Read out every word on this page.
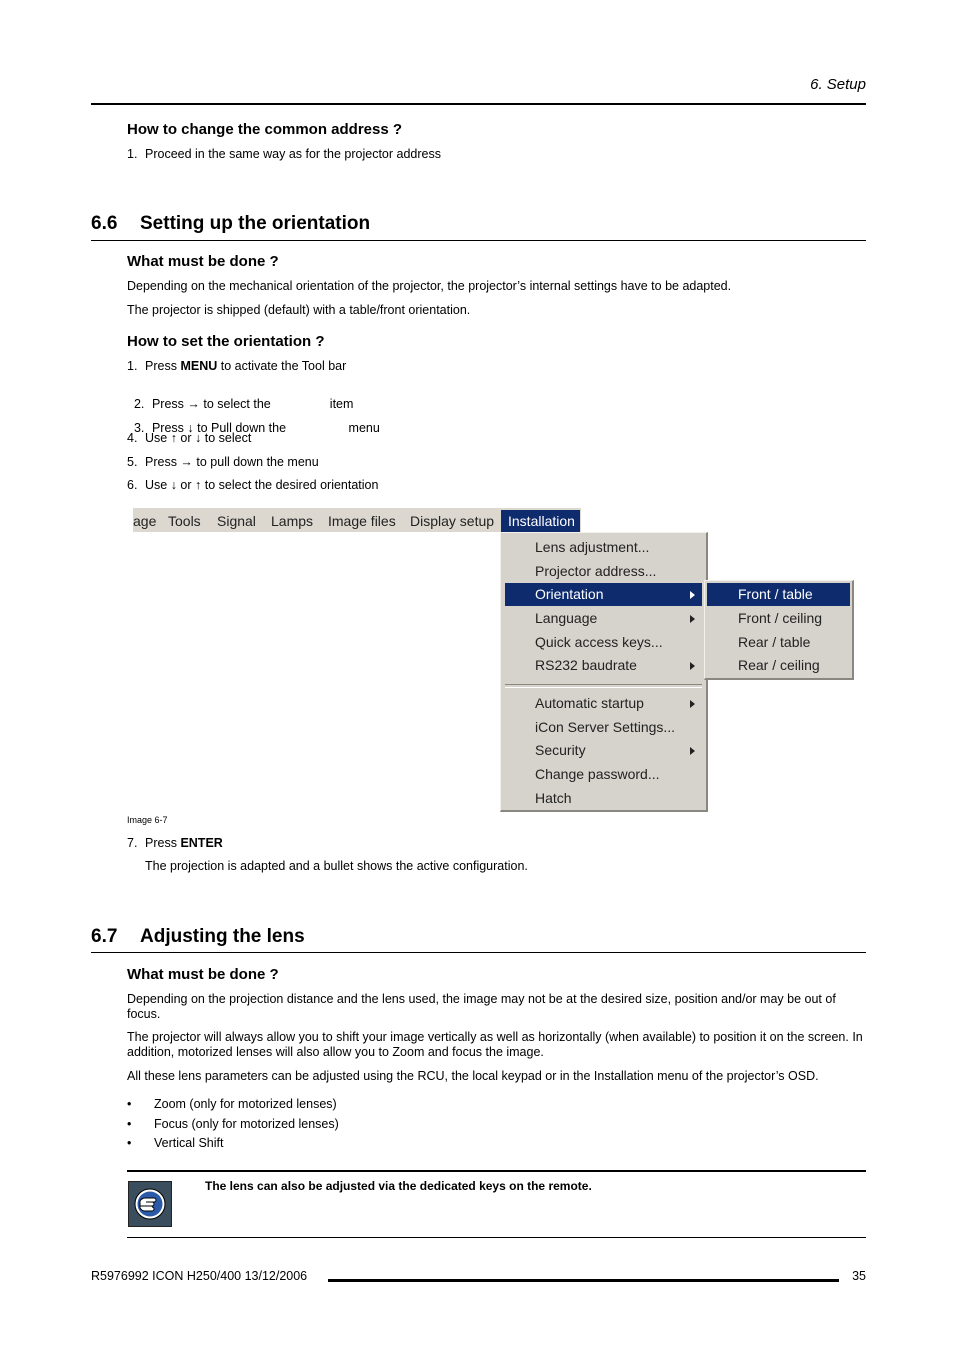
6. Setup
How to change the common address ?
1. Proceed in the same way as for the projector address
6.6 Setting up the orientation
What must be done ?
Depending on the mechanical orientation of the projector, the projector’s internal settings have to be adapted.
The projector is shipped (default) with a table/front orientation.
How to set the orientation ?
1. Press MENU to activate the Tool bar

2. Press → to select the                 item

3. Press ↓ to Pull down the                  menu

4. Use ↑ or ↓ to select
5. Press → to pull down the menu
6. Use ↓ or ↑ to select the desired orientation
age Tools Signal Lamps Image files Display setup Installation
Lens adjustment...
Projector address...
Orientation
Language
Quick access keys...
RS232 baudrate
Automatic startup
iCon Server Settings...
Security
Change password...
Hatch
Front / table
Front / ceiling
Rear / table
Rear / ceiling
Image 6-7
7. Press ENTER
The projection is adapted and a bullet shows the active configuration.
6.7 Adjusting the lens
What must be done ?
Depending on the projection distance and the lens used, the image may not be at the desired size, position and/or may be out of focus.
The projector will always allow you to shift your image vertically as well as horizontally (when available) to position it on the screen. In addition, motorized lenses will also allow you to Zoom and focus the image.
All these lens parameters can be adjusted using the RCU, the local keypad or in the Installation menu of the projector’s OSD.
• Zoom (only for motorized lenses)
• Focus (only for motorized lenses)
• Vertical Shift
The lens can also be adjusted via the dedicated keys on the remote.
R5976992 ICON H250/400 13/12/2006	35
